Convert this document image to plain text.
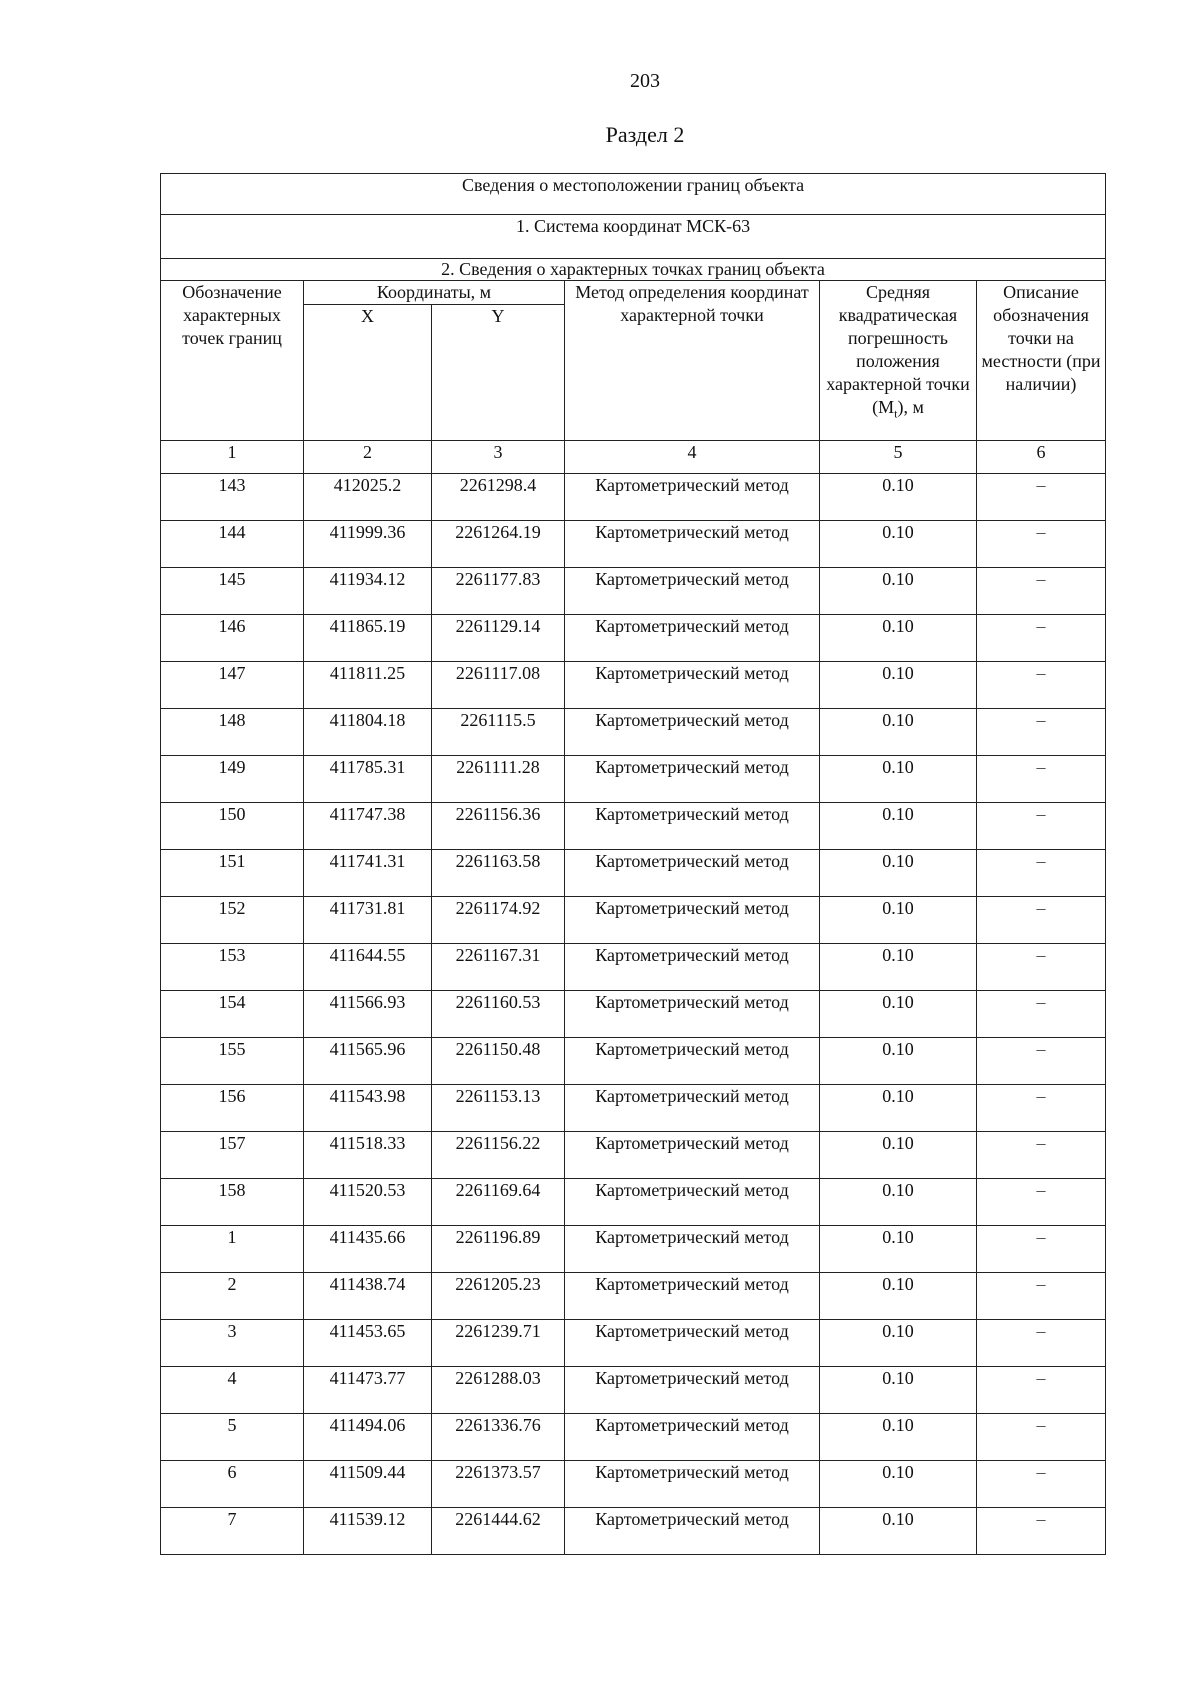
203
Раздел 2
Сведения о местоположении границ объекта					
1. Система координат МСК-63					
2. Сведения о характерных точках границ объекта					
Обозначение характерных точек границ	Координаты, м		Метод определения координат характерной точки	Средняя квадратическая погрешность положения характерной точки $(M_t)$, м	Описание обозначения точки на местности (при наличии)
	X	Y			
1	2	3	4	5	6
143	412025.2	2261298.4	Картометрический метод	0.10	–
144	411999.36	2261264.19	Картометрический метод	0.10	–
145	411934.12	2261177.83	Картометрический метод	0.10	–
146	411865.19	2261129.14	Картометрический метод	0.10	–
147	411811.25	2261117.08	Картометрический метод	0.10	–
148	411804.18	2261115.5	Картометрический метод	0.10	–
149	411785.31	2261111.28	Картометрический метод	0.10	–
150	411747.38	2261156.36	Картометрический метод	0.10	–
151	411741.31	2261163.58	Картометрический метод	0.10	–
152	411731.81	2261174.92	Картометрический метод	0.10	–
153	411644.55	2261167.31	Картометрический метод	0.10	–
154	411566.93	2261160.53	Картометрический метод	0.10	–
155	411565.96	2261150.48	Картометрический метод	0.10	–
156	411543.98	2261153.13	Картометрический метод	0.10	–
157	411518.33	2261156.22	Картометрический метод	0.10	–
158	411520.53	2261169.64	Картометрический метод	0.10	–
1	411435.66	2261196.89	Картометрический метод	0.10	–
2	411438.74	2261205.23	Картометрический метод	0.10	–
3	411453.65	2261239.71	Картометрический метод	0.10	–
4	411473.77	2261288.03	Картометрический метод	0.10	–
5	411494.06	2261336.76	Картометрический метод	0.10	–
6	411509.44	2261373.57	Картометрический метод	0.10	–
7	411539.12	2261444.62	Картометрический метод	0.10	–
